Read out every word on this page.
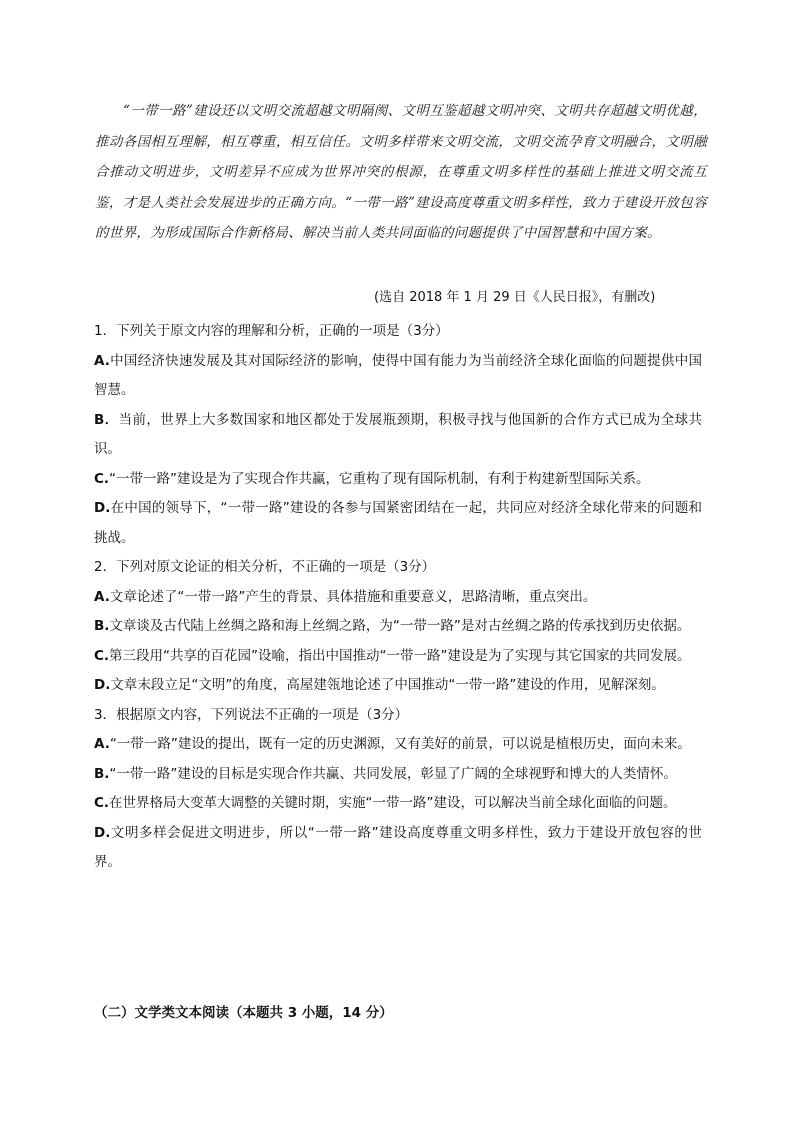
“一带一路”建设还以文明交流超越文明隔阂、文明互鉴超越文明冲突、文明共存超越文明优越，推动各国相互理解，相互尊重，相互信任。文明多样带来文明交流，文明交流孕育文明融合，文明融合推动文明进步，文明差异不应成为世界冲突的根源，在尊重文明多样性的基础上推进文明交流互鉴，才是人类社会发展进步的正确方向。“一带一路”建设高度尊重文明多样性，致力于建设开放包容的世界，为形成国际合作新格局、解决当前人类共同面临的问题提供了中国智慧和中国方案。

(选自 2018 年 1 月 29 日《人民日报》，有删改)
1．下列关于原文内容的理解和分析，正确的一项是（3分）
A.中国经济快速发展及其对国际经济的影响，使得中国有能力为当前经济全球化面临的问题提供中国智慧。
B．当前，世界上大多数国家和地区都处于发展瓶颈期，积极寻找与他国新的合作方式已成为全球共识。
C.“一带一路”建设是为了实现合作共赢，它重构了现有国际机制，有利于构建新型国际关系。
D.在中国的领导下，“一带一路”建设的各参与国紧密团结在一起，共同应对经济全球化带来的问题和挑战。
2．下列对原文论证的相关分析，不正确的一项是（3分）
A.文章论述了“一带一路”产生的背景、具体措施和重要意义，思路清晰，重点突出。
B.文章谈及古代陆上丝绸之路和海上丝绸之路，为“一带一路”是对古丝绸之路的传承找到历史依据。
C.第三段用“共享的百花园”设喻，指出中国推动“一带一路”建设是为了实现与其它国家的共同发展。
D.文章末段立足“文明”的角度，高屋建瓴地论述了中国推动“一带一路”建设的作用，见解深刻。
3．根据原文内容，下列说法不正确的一项是（3分）
A.“一带一路”建设的提出，既有一定的历史渊源，又有美好的前景，可以说是植根历史，面向未来。
B.“一带一路”建设的目标是实现合作共赢、共同发展，彰显了广阔的全球视野和博大的人类情怀。
C.在世界格局大变革大调整的关键时期，实施“一带一路”建设，可以解决当前全球化面临的问题。
D.文明多样会促进文明进步，所以“一带一路”建设高度尊重文明多样性，致力于建设开放包容的世界。
（二）文学类文本阅读（本题共 3 小题，14 分）
